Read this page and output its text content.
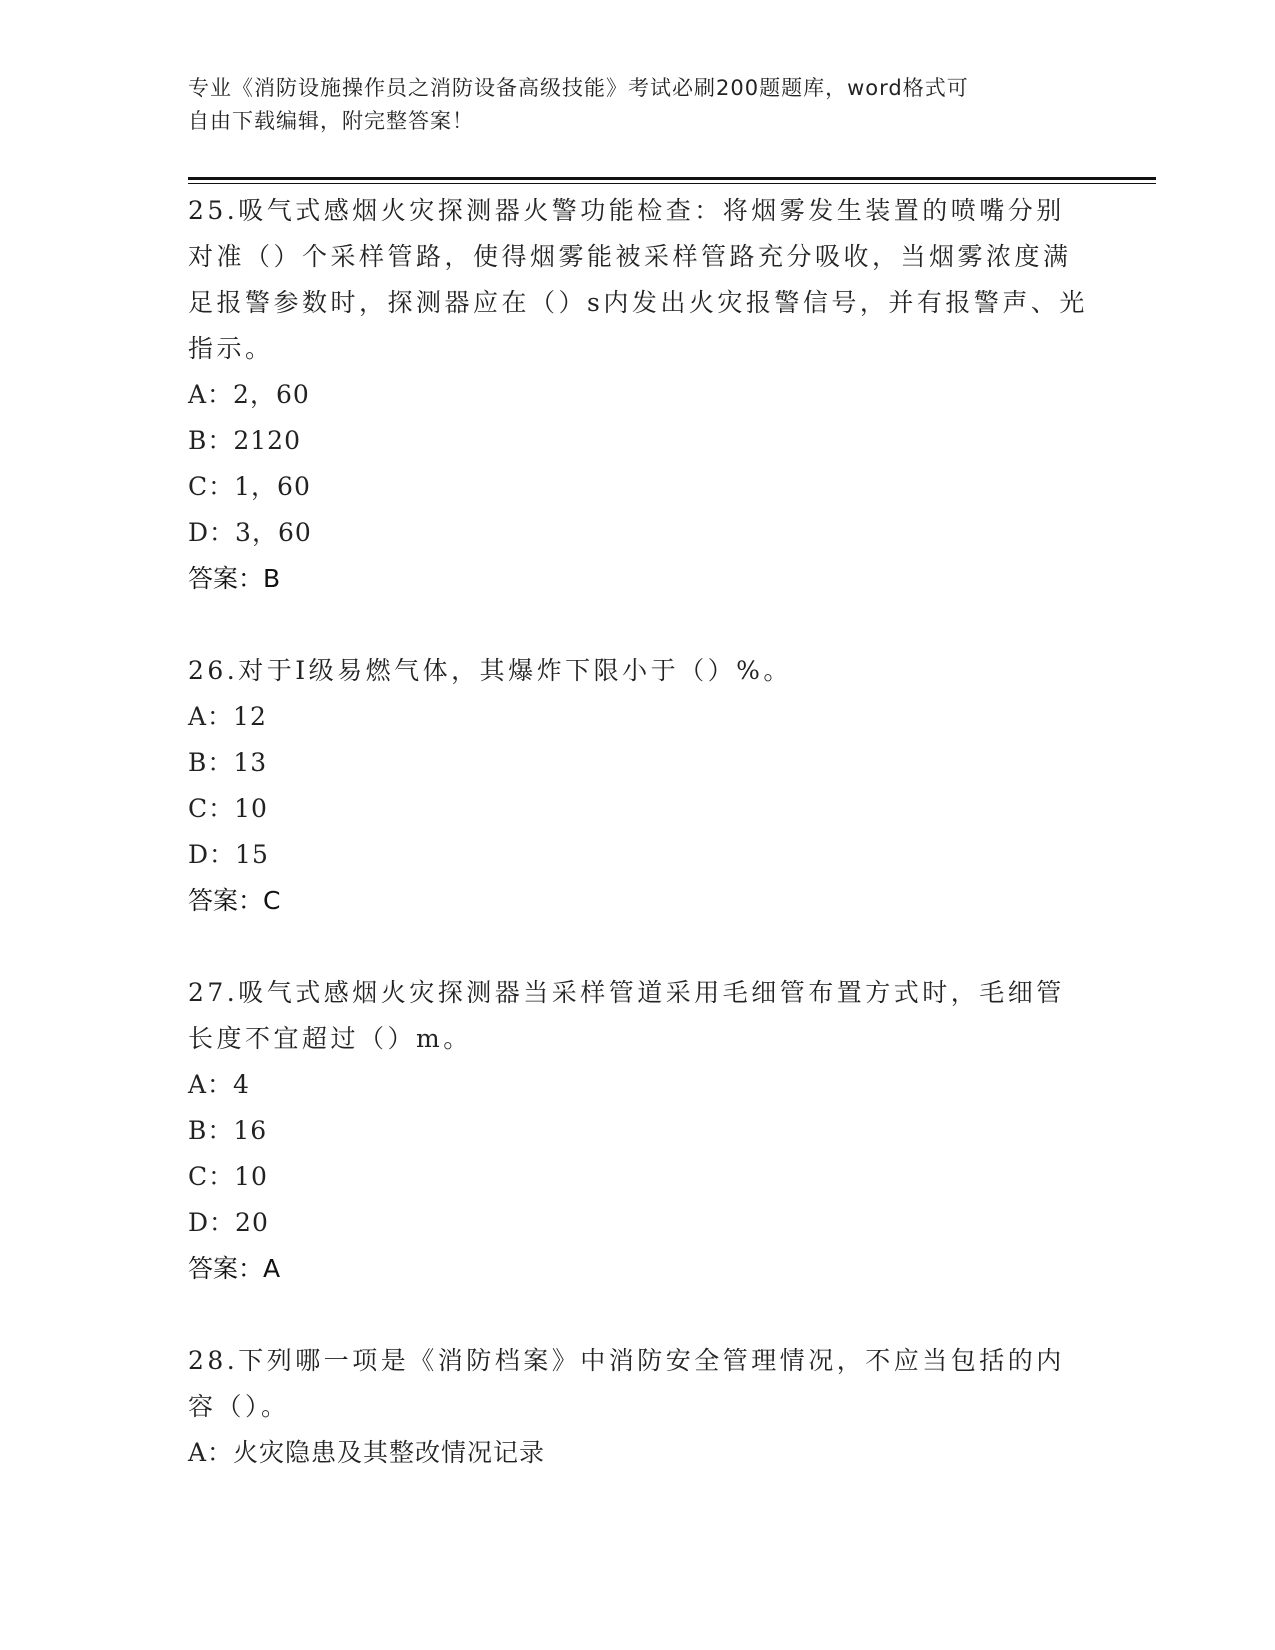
专业《消防设施操作员之消防设备高级技能》考试必刷200题题库，word格式可
自由下载编辑，附完整答案！
25.吸气式感烟火灾探测器火警功能检查：将烟雾发生装置的喷嘴分别对准（）个采样管路，使得烟雾能被采样管路充分吸收，当烟雾浓度满足报警参数时，探测器应在（）s内发出火灾报警信号，并有报警声、光指示。
A：2，60
B：2120
C：1，60
D：3，60
答案：B
26.对于Ⅰ级易燃气体，其爆炸下限小于（）%。
A：12
B：13
C：10
D：15
答案：C
27.吸气式感烟火灾探测器当采样管道采用毛细管布置方式时，毛细管长度不宜超过（）m。
A：4
B：16
C：10
D：20
答案：A
28.下列哪一项是《消防档案》中消防安全管理情况，不应当包括的内容（）。
A：火灾隐患及其整改情况记录
